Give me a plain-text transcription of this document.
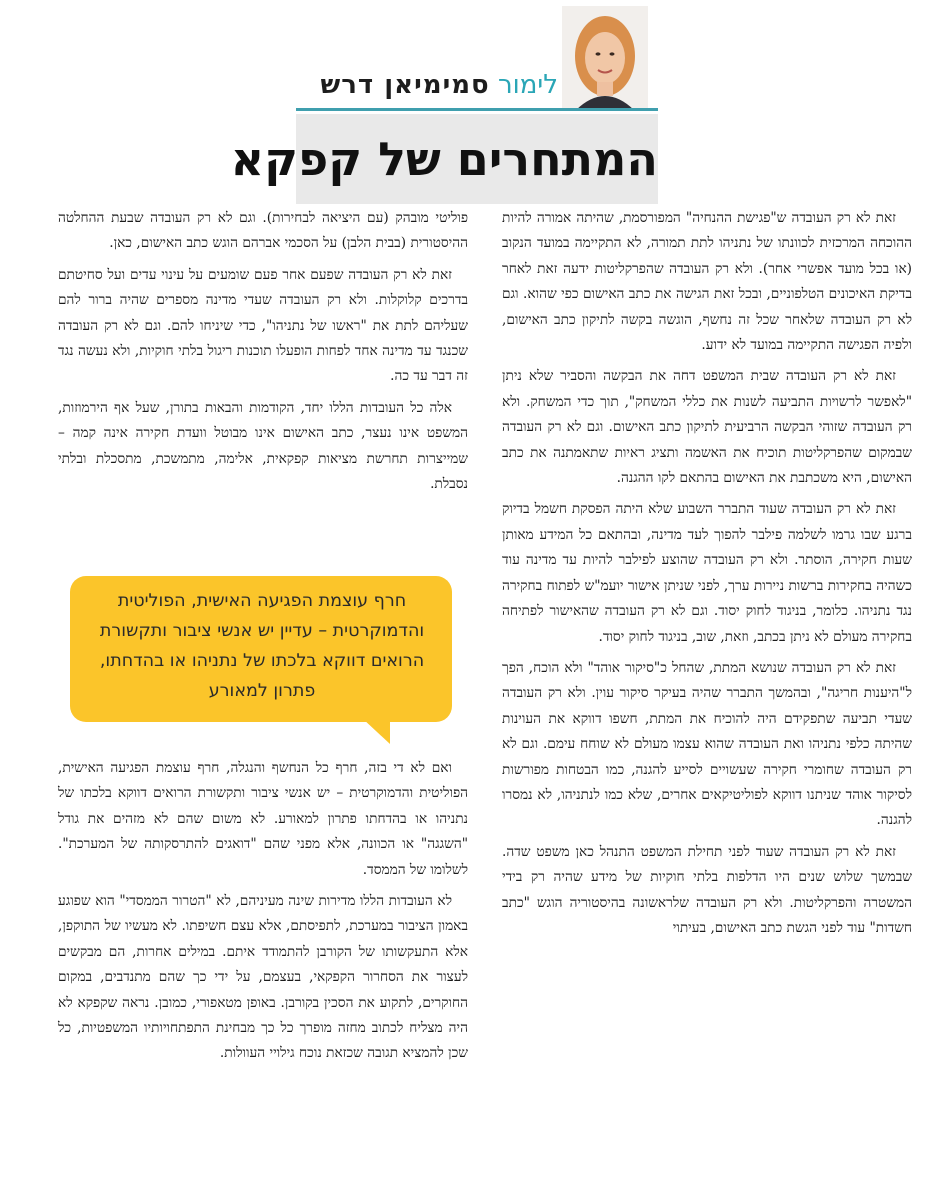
לימור סמימיאן דרש
המתחרים של קפקא

זאת לא רק העובדה ש"פגישת ההנחיה" המפורסמת, שהיתה אמורה להיות ההוכחה המרכזית לכוונתו של נתניהו לתת תמורה, לא התקיימה במועד הנקוב (או בכל מועד אפשרי אחר). ולא רק העובדה שהפרקליטות ידעה זאת לאחר בדיקת האיכונים הטלפוניים, ובכל זאת הגישה את כתב האישום כפי שהוא. וגם לא רק העובדה שלאחר שכל זה נחשף, הוגשה בקשה לתיקון כתב האישום, ולפיה הפגישה התקיימה במועד לא ידוע.

זאת לא רק העובדה שבית המשפט דחה את הבקשה והסביר שלא ניתן "לאפשר לרשויות התביעה לשנות את כללי המשחק", תוך כדי המשחק. ולא רק העובדה שזוהי הבקשה הרביעית לתיקון כתב האישום. וגם לא רק העובדה שבמקום שהפרקליטות תוכיח את האשמה ותציג ראיות שתאמתנה את כתב האישום, היא משכתבת את האישום בהתאם לקו ההגנה.

זאת לא רק העובדה שעוד התברר השבוע שלא היתה הפסקת חשמל בדיוק ברגע שבו גרמו לשלמה פילבר להפוך לעד מדינה, ובהתאם כל המידע מאותן שעות חקירה, הוסתר. ולא רק העובדה שהוצע לפילבר להיות עד מדינה עוד כשהיה בחקירות ברשות ניירות ערך, לפני שניתן אישור יועמ"ש לפתוח בחקירה נגד נתניהו. כלומר, בניגוד לחוק יסוד. וגם לא רק העובדה שהאישור לפתיחה בחקירה מעולם לא ניתן בכתב, וזאת, שוב, בניגוד לחוק יסוד.

זאת לא רק העובדה שנושא המתת, שהחל כ"סיקור אוהד" ולא הוכח, הפך ל"היענות חריגה", ובהמשך התברר שהיה בעיקר סיקור עוין. ולא רק העובדה שעדי תביעה שתפקידם היה להוכיח את המתת, חשפו דווקא את העוינות שהיתה כלפי נתניהו ואת העובדה שהוא עצמו מעולם לא שוחח עימם. וגם לא רק העובדה שחומרי חקירה שעשויים לסייע להגנה, כמו הבטחות מפורשות לסיקור אוהד שניתנו דווקא לפוליטיקאים אחרים, שלא כמו לנתניהו, לא נמסרו להגנה.

זאת לא רק העובדה שעוד לפני תחילת המשפט התנהל כאן משפט שדה. שבמשך שלוש שנים היו הדלפות בלתי חוקיות של מידע שהיה רק בידי המשטרה והפרקליטות. ולא רק העובדה שלראשונה בהיסטוריה הוגש "כתב חשדות" עוד לפני הגשת כתב האישום, בעיתוי

פוליטי מובהק (עם היציאה לבחירות). וגם לא רק העובדה שבעת ההחלטה ההיסטורית (בבית הלבן) על הסכמי אברהם הוגש כתב האישום, כאן.

זאת לא רק העובדה שפעם אחר פעם שומעים על עינוי עדים ועל סחיטתם בדרכים קלוקלות. ולא רק העובדה שעדי מדינה מספרים שהיה ברור להם שעליהם לתת את "ראשו של נתניהו", כדי שיניחו להם. וגם לא רק העובדה שכנגד עד מדינה אחד לפחות הופעלו תוכנות ריגול בלתי חוקיות, ולא נעשה נגד זה דבר עד כה.

אלה כל העובדות הללו יחד, הקודמות והבאות בתורן, שעל אף הירמוזות, המשפט אינו נעצר, כתב האישום אינו מבוטל וועדת חקירה אינה קמה – שמייצרות תחרשת מציאות קפקאית, אלימה, מתמשכת, מתסכלת ובלתי נסבלת.

ואם לא די בזה, חרף כל הנחשף והנגלה, חרף עוצמת הפגיעה האישית, הפוליטית והדמוקרטית – יש אנשי ציבור ותקשורת הרואים דווקא בלכתו של נתניהו או בהדחתו פתרון למאורע. לא משום שהם לא מזהים את גודל "השגגה" או הכוונה, אלא מפני שהם "דואגים להתרסקותה של המערכת". לשלומו של הממסד.

לא העובדות הללו מדירות שינה מעיניהם, לא "הטרור הממסדי" הוא שפוגע באמון הציבור במערכת, לתפיסתם, אלא עצם חשיפתו. לא מעשיו של התוקפן, אלא התעקשותו של הקורבן להתמודד איתם. במילים אחרות, הם מבקשים לעצור את הסחרור הקפקאי, בעצמם, על ידי כך שהם מתנדבים, במקום החוקרים, לתקוע את הסכין בקורבן. באופן מטאפורי, כמובן. נראה שקפקא לא היה מצליח לכתוב מחזה מופרך כל כך מבחינת התפתחויותיו המשפטיות, כל שכן להמציא תגובה שכזאת נוכח גילויי העוולות.

חרף עוצמת הפגיעה האישית, הפוליטית והדמוקרטית – עדיין יש אנשי ציבור ותקשורת הרואים דווקא בלכתו של נתניהו או בהדחתו, פתרון למאורע
